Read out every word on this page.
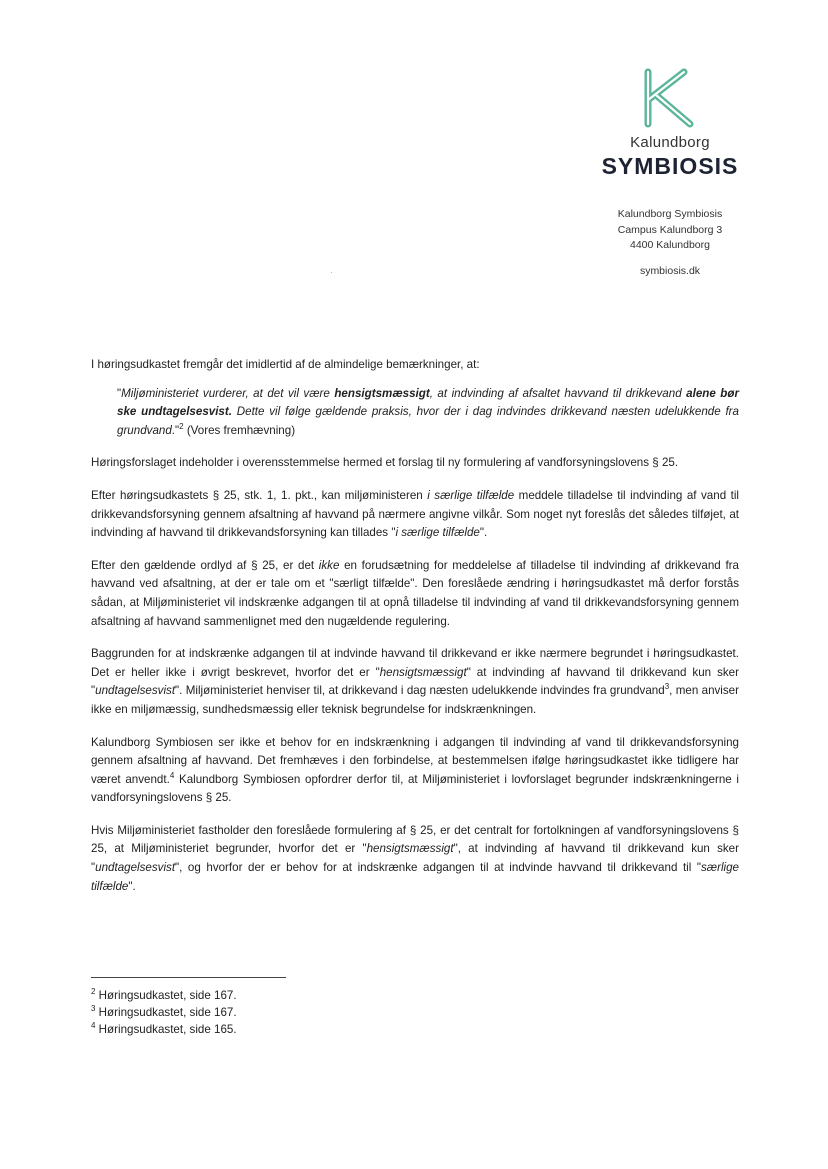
Kalundborg
SYMBIOSIS
Kalundborg Symbiosis
Campus Kalundborg 3
4400 Kalundborg
symbiosis.dk
·

I høringsudkastet fremgår det imidlertid af de almindelige bemærkninger, at:

"Miljøministeriet vurderer, at det vil være hensigtsmæssigt, at indvinding af afsaltet havvand til drikkevand alene bør ske undtagelsesvist. Dette vil følge gældende praksis, hvor der i dag indvindes drikkevand næsten udelukkende fra grundvand."$^2$ (Vores fremhævning)

Høringsforslaget indeholder i overensstemmelse hermed et forslag til ny formulering af vandforsyningslovens § 25.

Efter høringsudkastets § 25, stk. 1, 1. pkt., kan miljøministeren i særlige tilfælde meddele tilladelse til indvinding af vand til drikkevandsforsyning gennem afsaltning af havvand på nærmere angivne vilkår. Som noget nyt foreslås det således tilføjet, at indvinding af havvand til drikkevandsforsyning kan tillades "i særlige tilfælde".

Efter den gældende ordlyd af § 25, er det ikke en forudsætning for meddelelse af tilladelse til indvinding af drikkevand fra havvand ved afsaltning, at der er tale om et "særligt tilfælde". Den foreslåede ændring i høringsudkastet må derfor forstås sådan, at Miljøministeriet vil indskrænke adgangen til at opnå tilladelse til indvinding af vand til drikkevandsforsyning gennem afsaltning af havvand sammenlignet med den nugældende regulering.

Baggrunden for at indskrænke adgangen til at indvinde havvand til drikkevand er ikke nærmere begrundet i høringsudkastet. Det er heller ikke i øvrigt beskrevet, hvorfor det er "hensigtsmæssigt" at indvinding af havvand til drikkevand kun sker "undtagelsesvist". Miljøministeriet henviser til, at drikkevand i dag næsten udelukkende indvindes fra grundvand$^3$, men anviser ikke en miljømæssig, sundhedsmæssig eller teknisk begrundelse for indskrænkningen.

Kalundborg Symbiosen ser ikke et behov for en indskrænkning i adgangen til indvinding af vand til drikkevandsforsyning gennem afsaltning af havvand. Det fremhæves i den forbindelse, at bestemmelsen ifølge høringsudkastet ikke tidligere har været anvendt.$^4$ Kalundborg Symbiosen opfordrer derfor til, at Miljøministeriet i lovforslaget begrunder indskrænkningerne i vandforsyningslovens § 25.

Hvis Miljøministeriet fastholder den foreslåede formulering af § 25, er det centralt for fortolkningen af vandforsyningslovens § 25, at Miljøministeriet begrunder, hvorfor det er "hensigtsmæssigt", at indvinding af havvand til drikkevand kun sker "undtagelsesvist", og hvorfor der er behov for at indskrænke adgangen til at indvinde havvand til drikkevand til "særlige tilfælde".

$^2$ Høringsudkastet, side 167.
$^3$ Høringsudkastet, side 167.
$^4$ Høringsudkastet, side 165.
